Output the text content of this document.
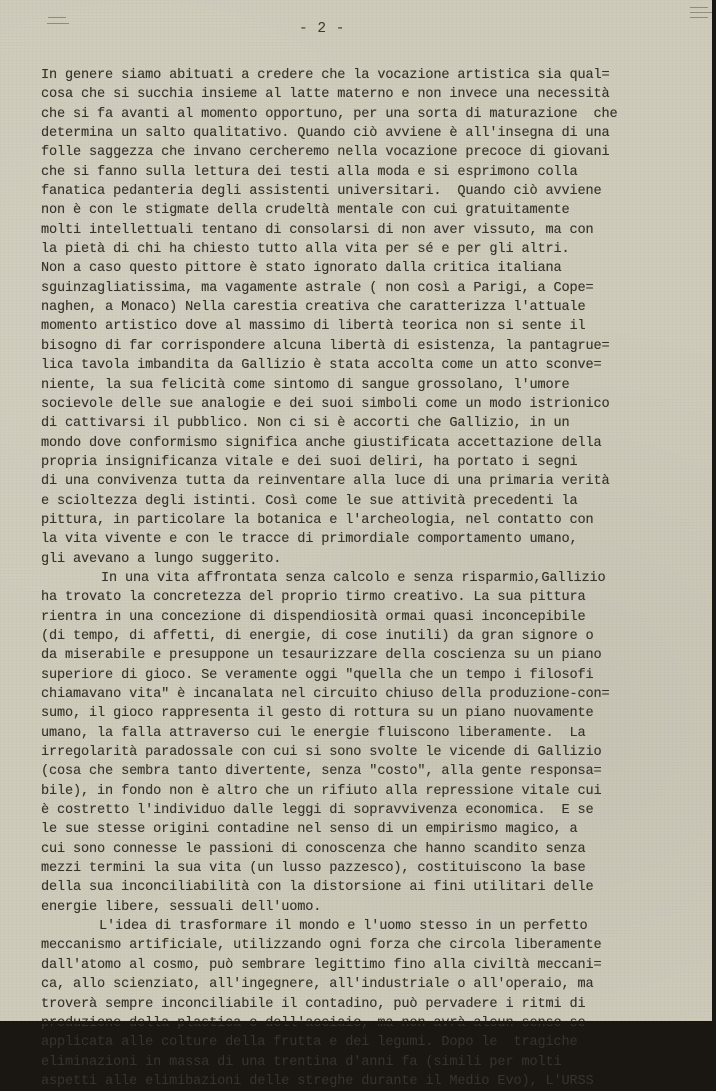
- 2 -
In genere siamo abituati a credere che la vocazione artistica sia qual=
cosa che si succhia insieme al latte materno e non invece una necessità
che si fa avanti al momento opportuno, per una sorta di maturazione  che
determina un salto qualitativo. Quando ciò avviene è all'insegna di una
folle saggezza che invano cercheremo nella vocazione precoce di giovani
che si fanno sulla lettura dei testi alla moda e si esprimono colla
fanatica pedanteria degli assistenti universitari.  Quando ciò avviene
non è con le stigmate della crudeltà mentale con cui gratuitamente
molti intellettuali tentano di consolarsi di non aver vissuto, ma con
la pietà di chi ha chiesto tutto alla vita per sé e per gli altri.
Non a caso questo pittore è stato ignorato dalla critica italiana
sguinzagliatissima, ma vagamente astrale ( non così a Parigi, a Cope=
naghen, a Monaco) Nella carestia creativa che caratterizza l'attuale
momento artistico dove al massimo di libertà teorica non si sente il
bisogno di far corrispondere alcuna libertà di esistenza, la pantagrue=
lica tavola imbandita da Gallizio è stata accolta come un atto sconve=
niente, la sua felicità come sintomo di sangue grossolano, l'umore
socievole delle sue analogie e dei suoi simboli come un modo istrionico
di cattivarsi il pubblico. Non ci si è accorti che Gallizio, in un
mondo dove conformismo significa anche giustificata accettazione della
propria insignificanza vitale e dei suoi deliri, ha portato i segni
di una convivenza tutta da reinventare alla luce di una primaria verità
e scioltezza degli istinti. Così come le sue attività precedenti la
pittura, in particolare la botanica e l'archeologia, nel contatto con
la vita vivente e con le tracce di primordiale comportamento umano,
gli avevano a lungo suggerito.
In una vita affrontata senza calcolo e senza risparmio,Gallizio
ha trovato la concretezza del proprio tirmo creativo. La sua pittura
rientra in una concezione di dispendiosità ormai quasi inconcepibile
(di tempo, di affetti, di energie, di cose inutili) da gran signore o
da miserabile e presuppone un tesaurizzare della coscienza su un piano
superiore di gioco. Se veramente oggi "quella che un tempo i filosofi
chiamavano vita" è incanalata nel circuito chiuso della produzione-con=
sumo, il gioco rappresenta il gesto di rottura su un piano nuovamente
umano, la falla attraverso cui le energie fluiscono liberamente.  La
irregolarità paradossale con cui si sono svolte le vicende di Gallizio
(cosa che sembra tanto divertente, senza "costo", alla gente responsa=
bile), in fondo non è altro che un rifiuto alla repressione vitale cui
è costretto l'individuo dalle leggi di sopravvivenza economica.  E se
le sue stesse origini contadine nel senso di un empirismo magico, a
cui sono connesse le passioni di conoscenza che hanno scandito senza
mezzi termini la sua vita (un lusso pazzesco), costituiscono la base
della sua inconciliabilità con la distorsione ai fini utilitari delle
energie libere, sessuali dell'uomo.
L'idea di trasformare il mondo e l'uomo stesso in un perfetto
meccanismo artificiale, utilizzando ogni forza che circola liberamente
dall'atomo al cosmo, può sembrare legittimo fino alla civiltà meccani=
ca, allo scienziato, all'ingegnere, all'industriale o all'operaio, ma
troverà sempre inconciliabile il contadino, può pervadere i ritmi di
applicata alle colture della frutta e dei legumi. Dopo le  tragiche
eliminazioni in massa di una trentina d'anni fa (simili per molti
aspetti alle elimibazioni delle streghe durante il Medio Evo), L'URSS
